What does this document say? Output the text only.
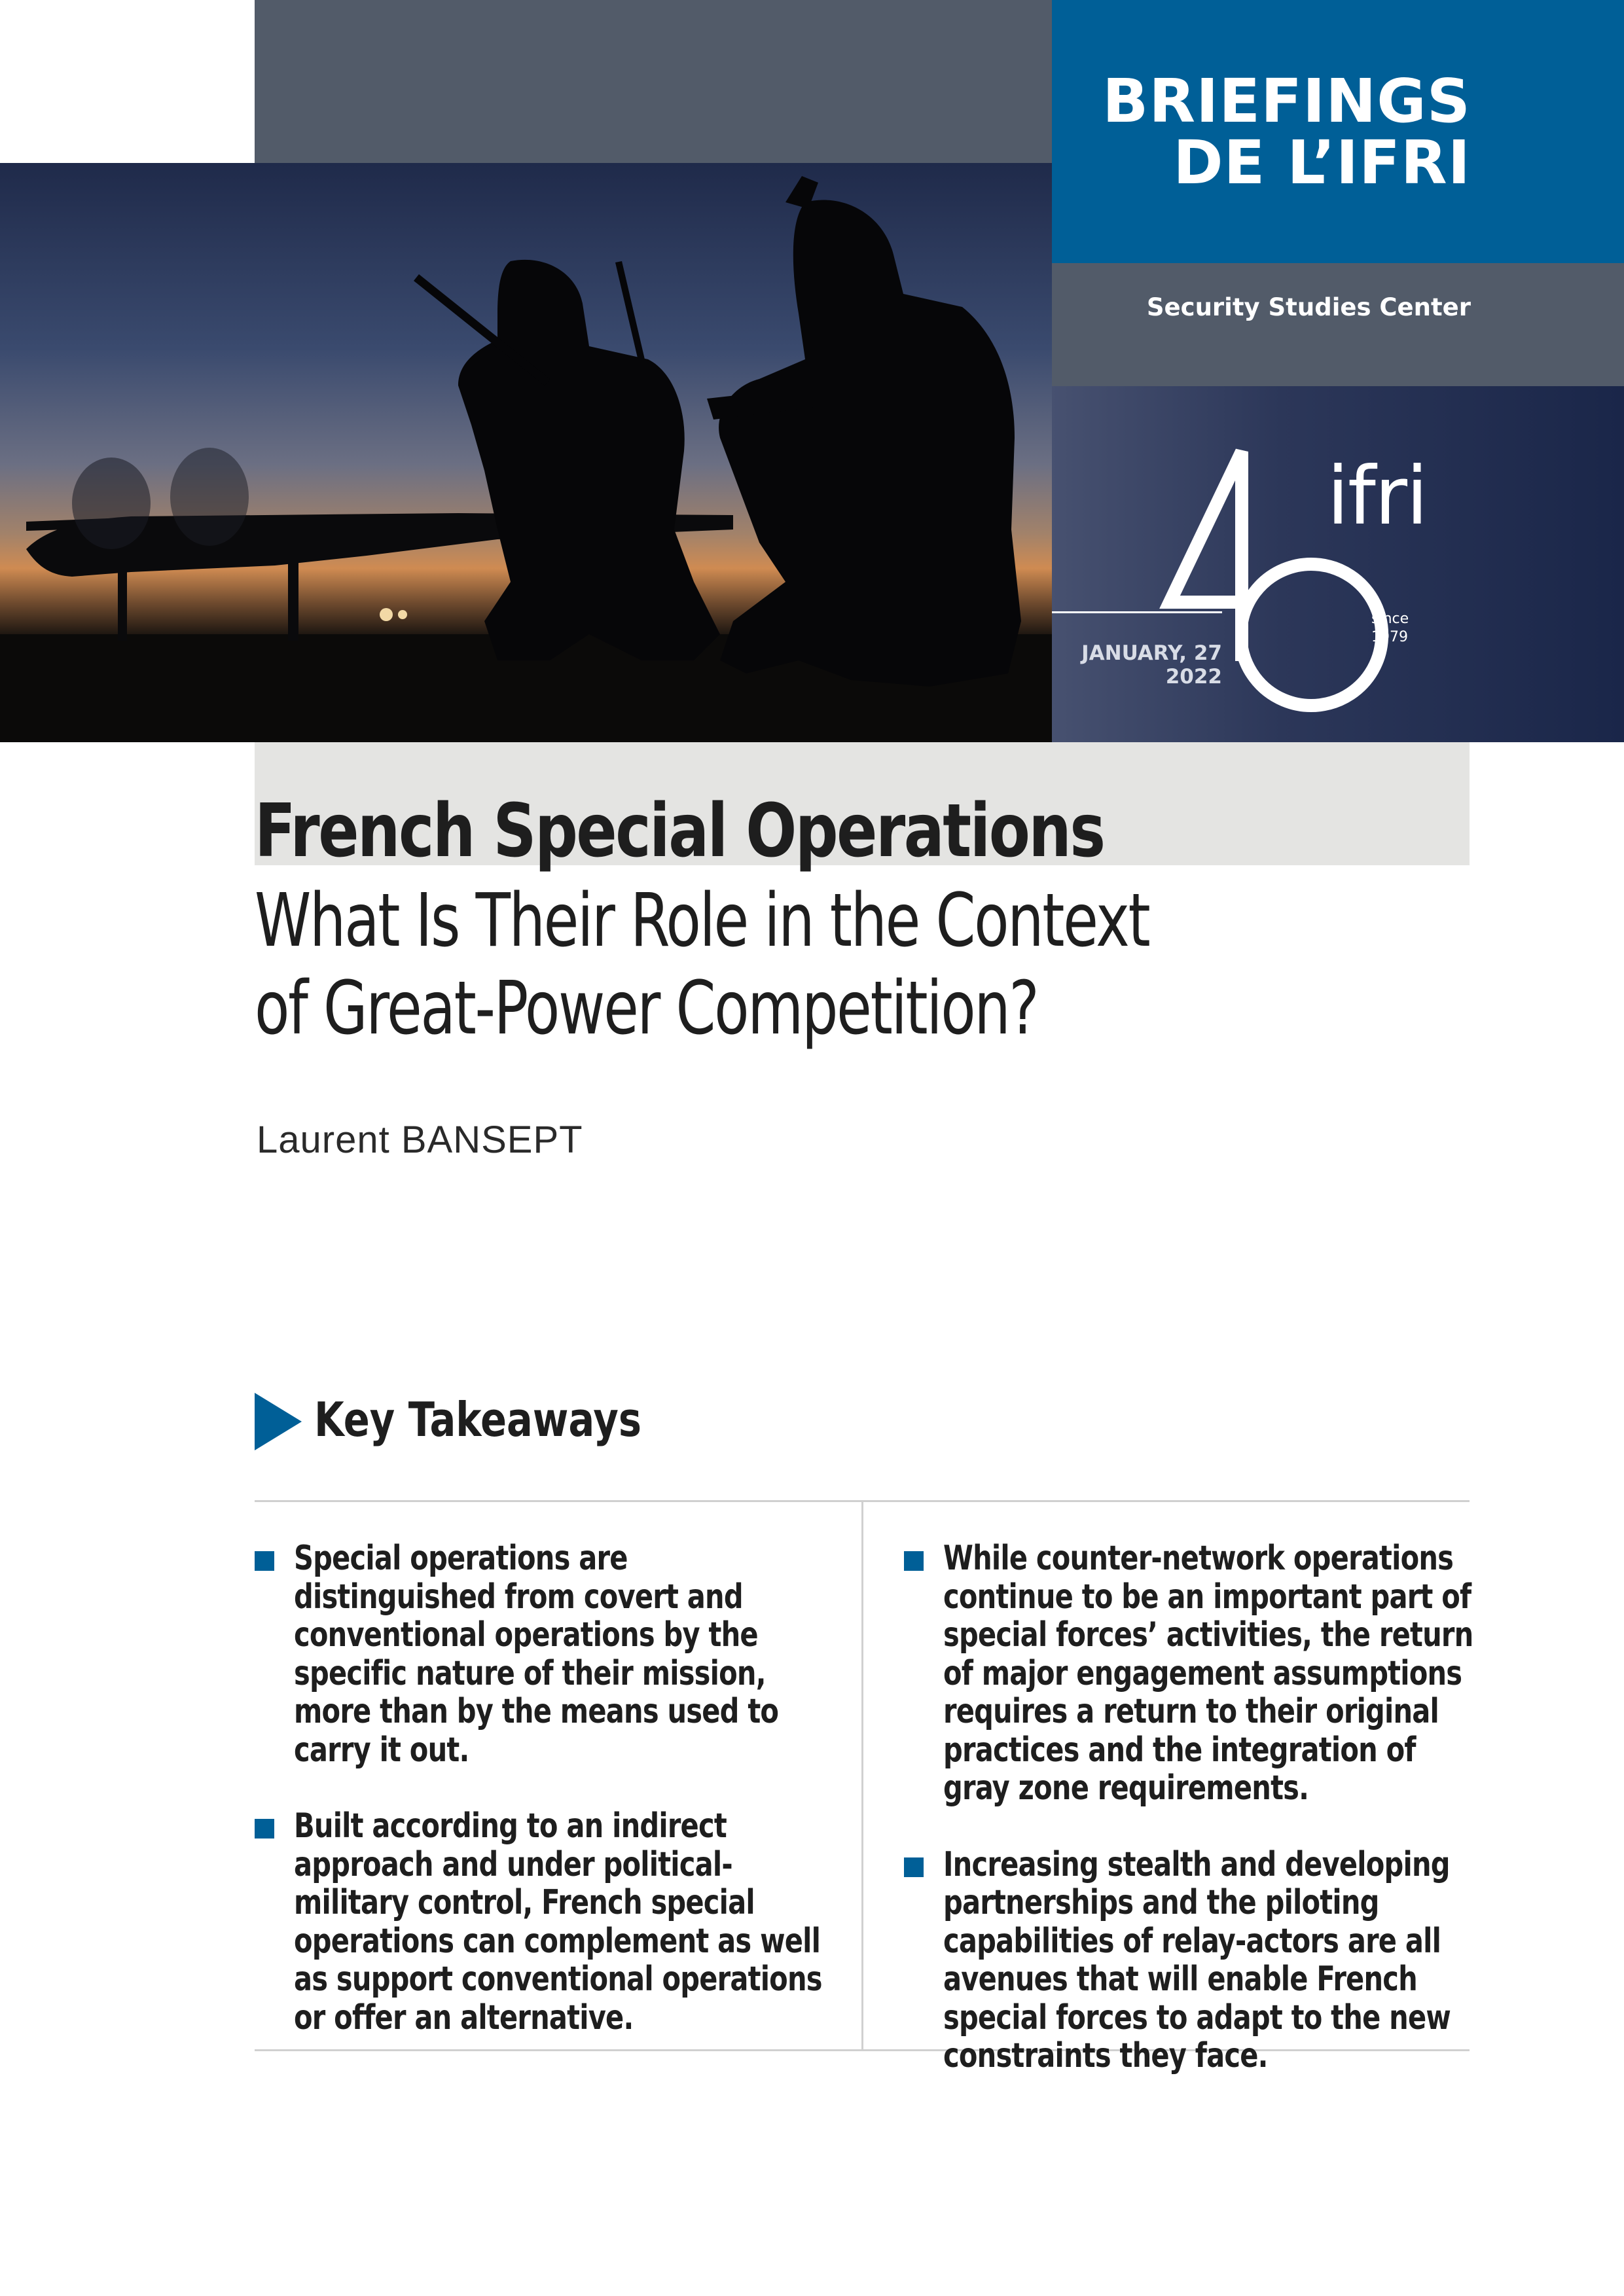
BRIEFINGS
DE L’IFRI
Security Studies Center
ifri
since
1979
JANUARY, 27
2022
French Special Operations
What Is Their Role in the Context
of Great-Power Competition?
Laurent BANSEPT
Key Takeaways
Special operations are distinguished from covert and conventional operations by the specific nature of their mission, more than by the means used to carry it out.
Built according to an indirect approach and under political-military control, French special operations can complement as well as support conventional operations or offer an alternative.
While counter-network operations continue to be an important part of special forces’ activities, the return of major engagement assumptions requires a return to their original practices and the integration of gray zone requirements.
Increasing stealth and developing partnerships and the piloting capabilities of relay-actors are all avenues that will enable French special forces to adapt to the new constraints they face.
